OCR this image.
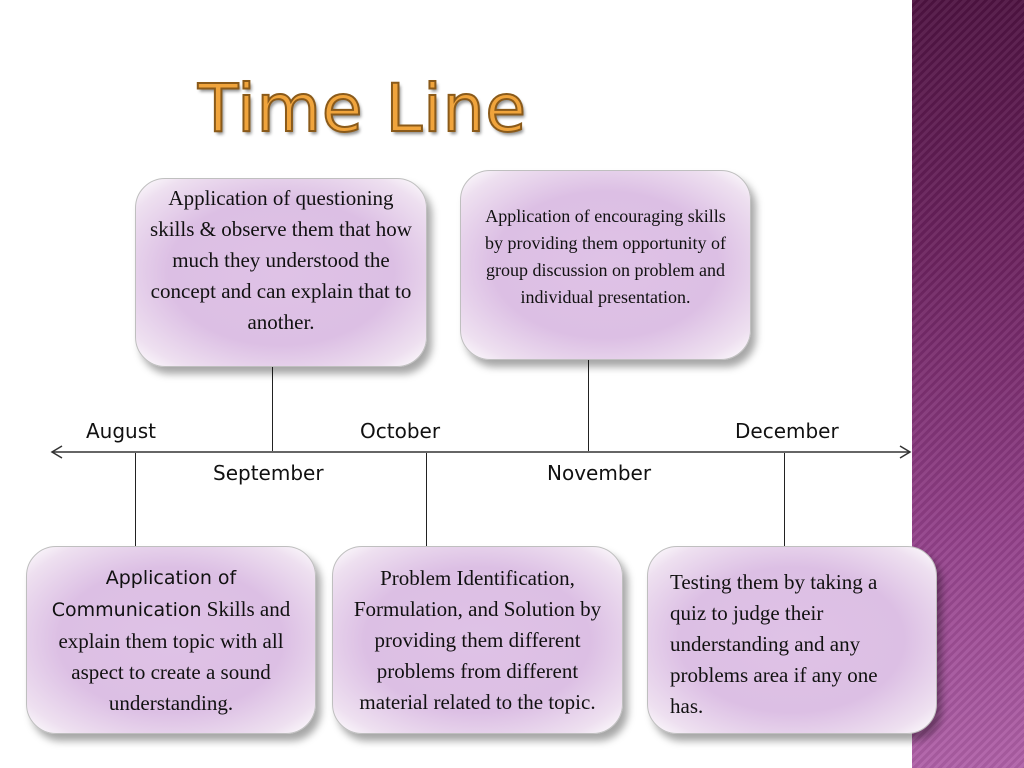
Time Line
August	October	December
September	November
Application of questioning skills & observe them that how much they understood the concept and can explain that to another.
Application of encouraging skills by providing them opportunity of group discussion on problem and individual presentation.
Application of Communication Skills and explain them topic with all aspect to create a sound understanding.
Problem Identification, Formulation, and Solution by providing them different problems from different material related to the topic.
Testing them by taking a quiz to judge their understanding and any problems area if any one has.
